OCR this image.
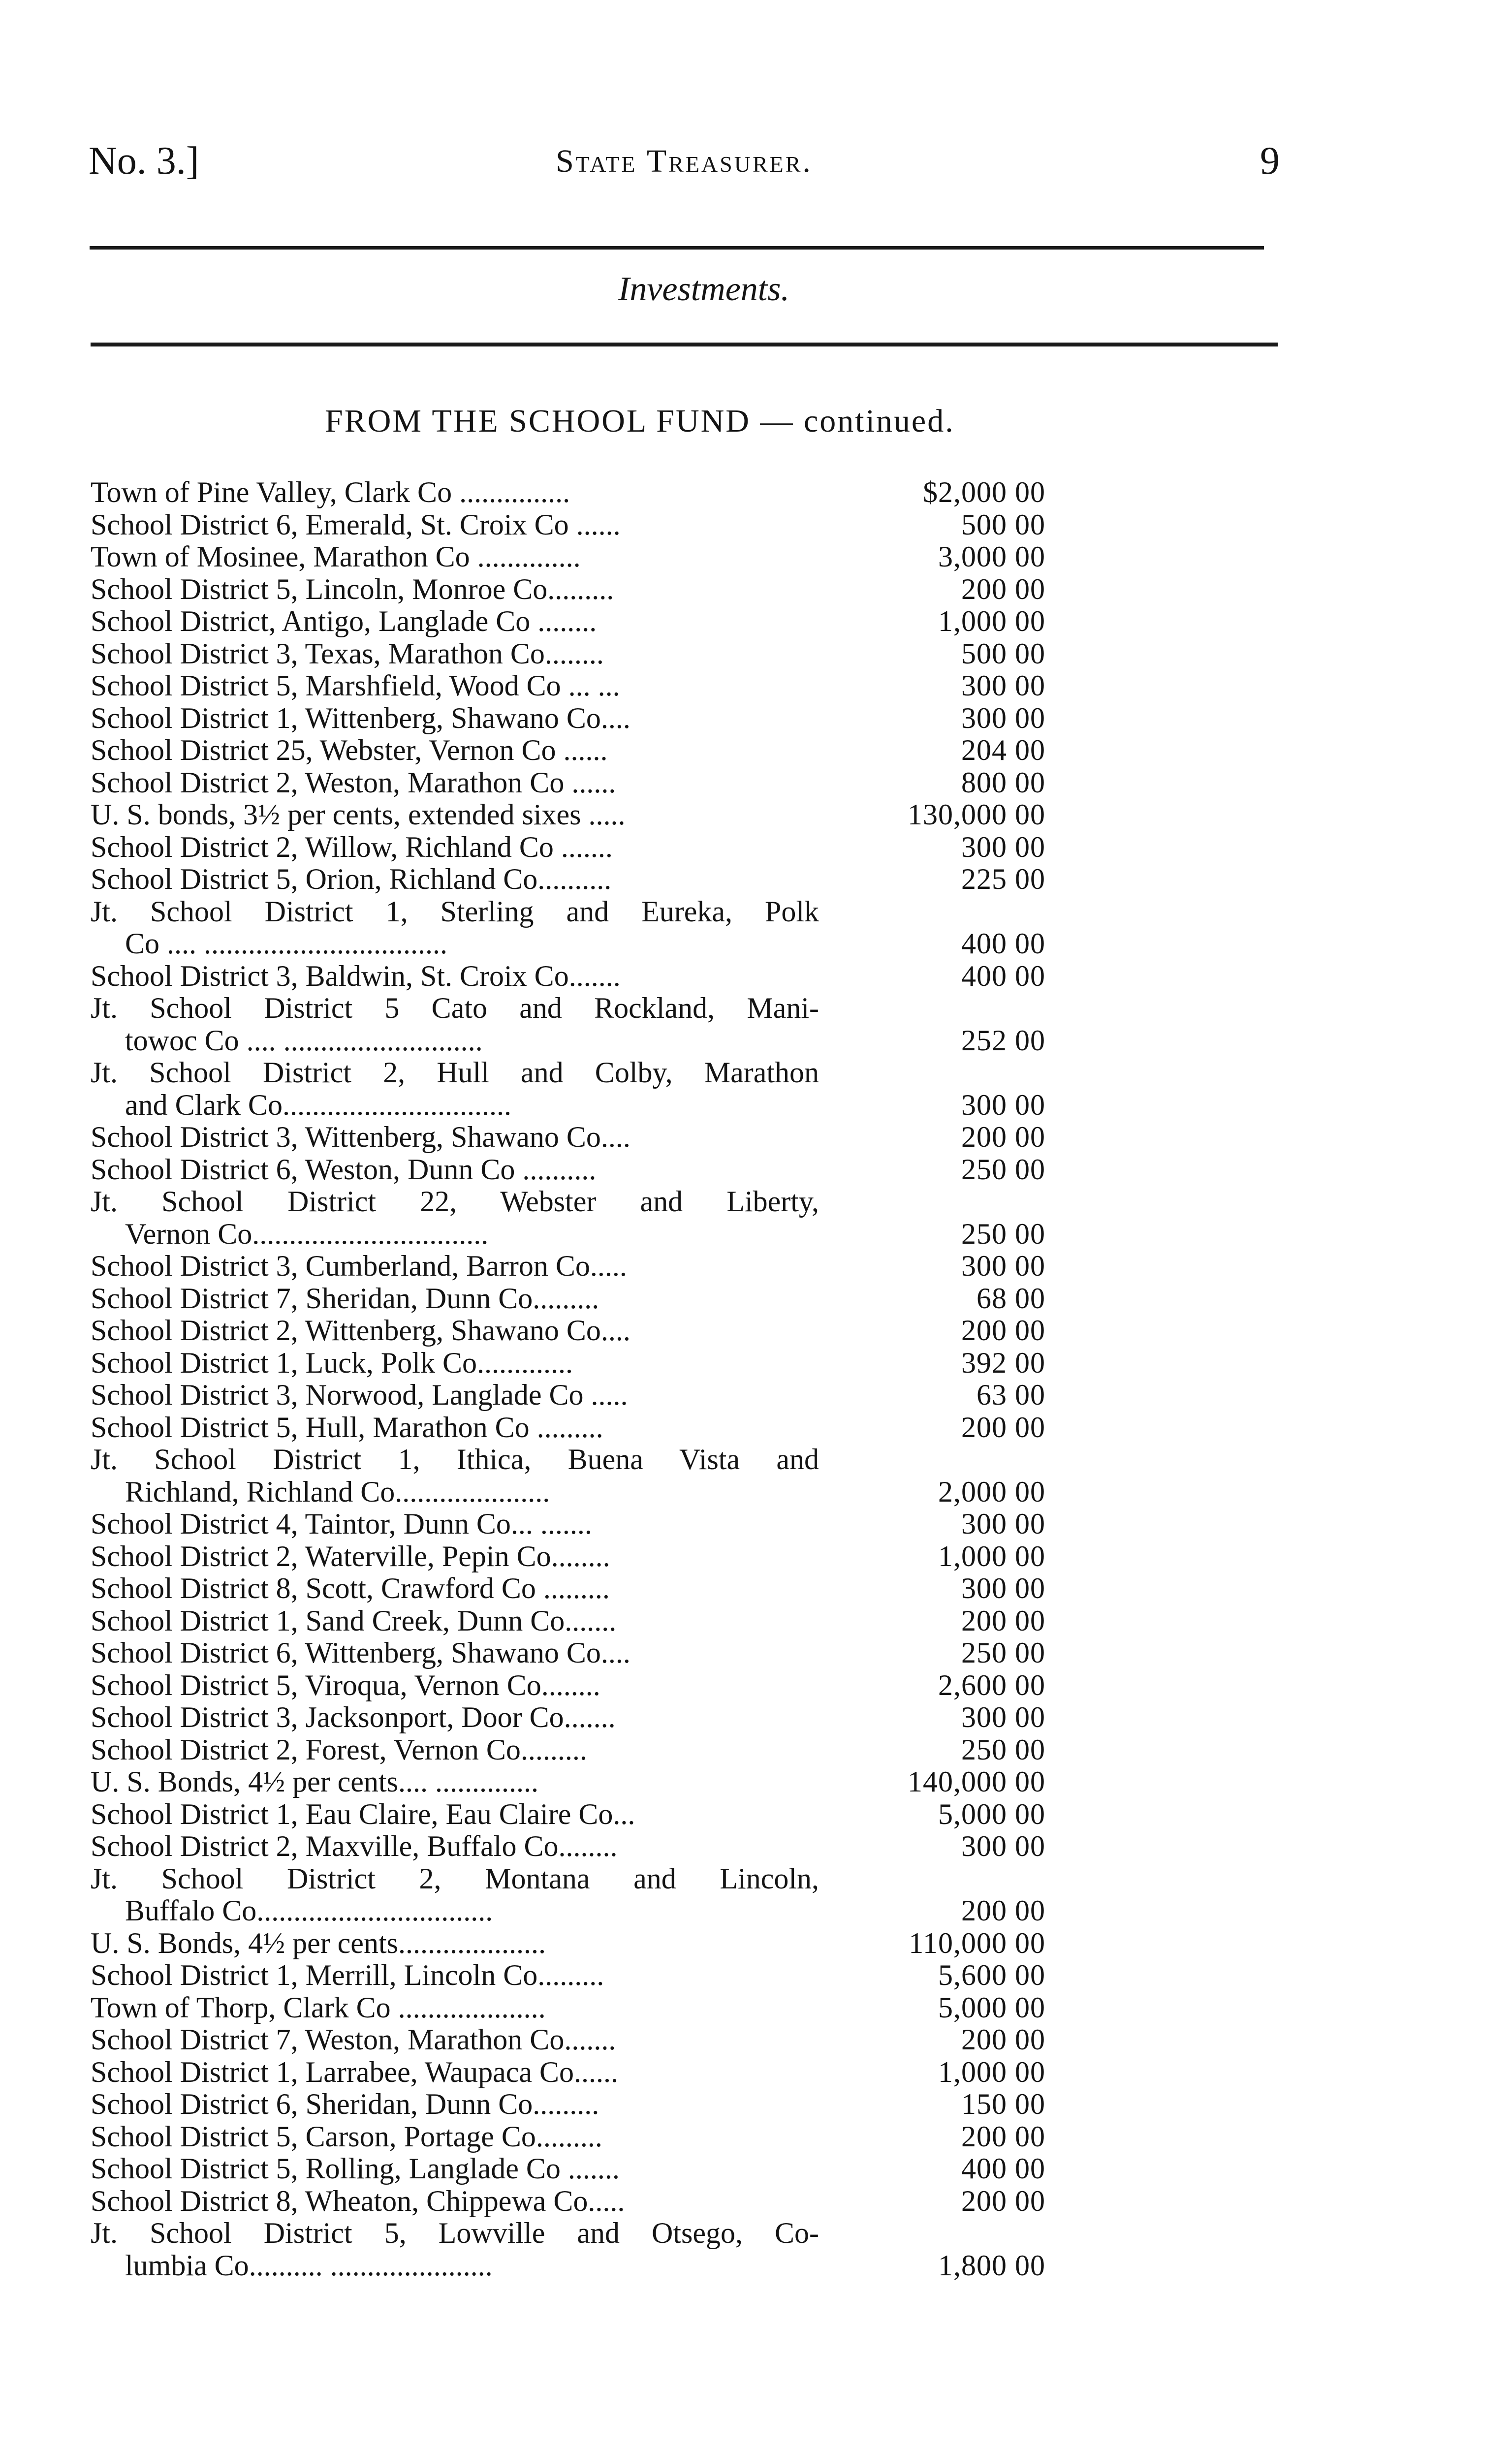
No. 3.]	State Treasurer.	9
Investments.
FROM THE SCHOOL FUND — continued.
Town of Pine Valley, Clark Co ...............	$2,000 00
School District 6, Emerald, St. Croix Co ......	500 00
Town of Mosinee, Marathon Co ..............	3,000 00
School District 5, Lincoln, Monroe Co.........	200 00
School District, Antigo, Langlade Co ........	1,000 00
School District 3, Texas, Marathon Co........	500 00
School District 5, Marshfield, Wood Co ... ...	300 00
School District 1, Wittenberg, Shawano Co....	300 00
School District 25, Webster, Vernon Co ......	204 00
School District 2, Weston, Marathon Co ......	800 00
U. S. bonds, 3½ per cents, extended sixes .....	130,000 00
School District 2, Willow, Richland Co .......	300 00
School District 5, Orion, Richland Co..........	225 00
Jt. School District 1, Sterling and Eureka, Polk
Co .... .................................	400 00
School District 3, Baldwin, St. Croix Co.......	400 00
Jt. School District 5 Cato and Rockland, Mani-
towoc Co .... ...........................	252 00
Jt. School District 2, Hull and Colby, Marathon
and Clark Co...............................	300 00
School District 3, Wittenberg, Shawano Co....	200 00
School District 6, Weston, Dunn Co ..........	250 00
Jt. School District 22, Webster and Liberty,
Vernon Co................................	250 00
School District 3, Cumberland, Barron Co.....	300 00
School District 7, Sheridan, Dunn Co.........	68 00
School District 2, Wittenberg, Shawano Co....	200 00
School District 1, Luck, Polk Co.............	392 00
School District 3, Norwood, Langlade Co .....	63 00
School District 5, Hull, Marathon Co .........	200 00
Jt. School District 1, Ithica, Buena Vista and
Richland, Richland Co.....................	2,000 00
School District 4, Taintor, Dunn Co... .......	300 00
School District 2, Waterville, Pepin Co........	1,000 00
School District 8, Scott, Crawford Co .........	300 00
School District 1, Sand Creek, Dunn Co.......	200 00
School District 6, Wittenberg, Shawano Co....	250 00
School District 5, Viroqua, Vernon Co........	2,600 00
School District 3, Jacksonport, Door Co.......	300 00
School District 2, Forest, Vernon Co.........	250 00
U. S. Bonds, 4½ per cents.... ..............	140,000 00
School District 1, Eau Claire, Eau Claire Co...	5,000 00
School District 2, Maxville, Buffalo Co........	300 00
Jt. School District 2, Montana and Lincoln,
Buffalo Co................................	200 00
U. S. Bonds, 4½ per cents....................	110,000 00
School District 1, Merrill, Lincoln Co.........	5,600 00
Town of Thorp, Clark Co ....................	5,000 00
School District 7, Weston, Marathon Co.......	200 00
School District 1, Larrabee, Waupaca Co......	1,000 00
School District 6, Sheridan, Dunn Co.........	150 00
School District 5, Carson, Portage Co.........	200 00
School District 5, Rolling, Langlade Co .......	400 00
School District 8, Wheaton, Chippewa Co.....	200 00
Jt. School District 5, Lowville and Otsego, Co-
lumbia Co.......... ......................	1,800 00
